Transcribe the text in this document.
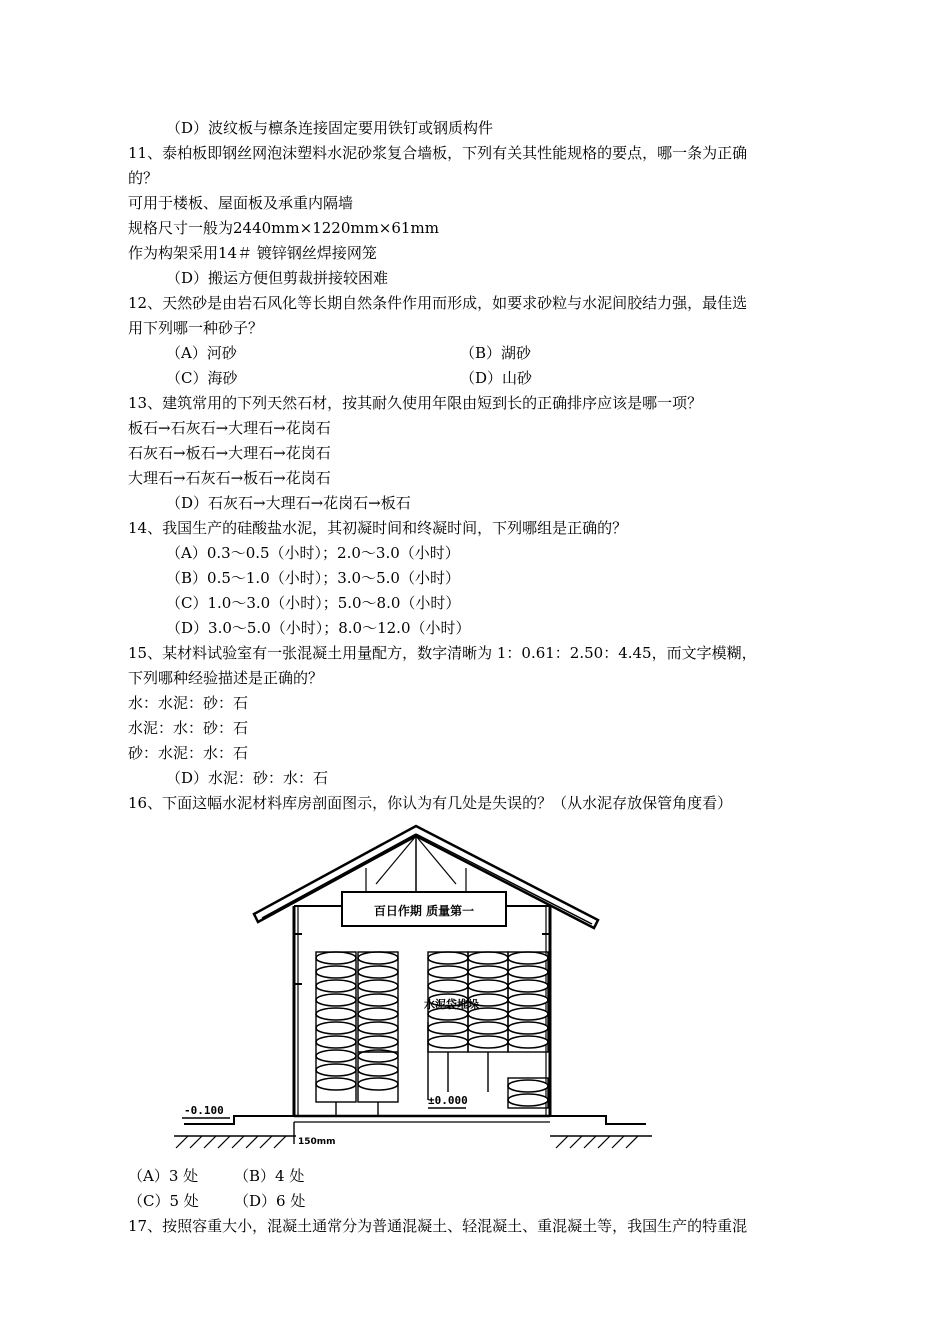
（D）波纹板与檩条连接固定要用铁钉或钢质构件
11、泰柏板即钢丝网泡沫塑料水泥砂浆复合墙板，下列有关其性能规格的要点，哪一条为正确
的？
可用于楼板、屋面板及承重内隔墙
规格尺寸一般为2440mm×1220mm×61mm
作为构架采用14＃ 镀锌钢丝焊接网笼
（D）搬运方便但剪裁拼接较困难
12、天然砂是由岩石风化等长期自然条件作用而形成，如要求砂粒与水泥间胶结力强，最佳选
用下列哪一种砂子？
（A）河砂	（B）湖砂
（C）海砂	（D）山砂
13、建筑常用的下列天然石材，按其耐久使用年限由短到长的正确排序应该是哪一项？
板石→石灰石→大理石→花岗石
石灰石→板石→大理石→花岗石
大理石→石灰石→板石→花岗石
（D）石灰石→大理石→花岗石→板石
14、我国生产的硅酸盐水泥，其初凝时间和终凝时间，下列哪组是正确的？
（A）0.3～0.5（小时）；2.0～3.0（小时）
（B）0.5～1.0（小时）；3.0～5.0（小时）
（C）1.0～3.0（小时）；5.0～8.0（小时）
（D）3.0～5.0（小时）；8.0～12.0（小时）
15、某材料试验室有一张混凝土用量配方，数字清晰为 1：0.61：2.50：4.45，而文字模糊，
下列哪种经验描述是正确的？
水：水泥：砂：石
水泥：水：砂：石
砂：水泥：水：石
（D）水泥：砂：水：石
16、下面这幅水泥材料库房剖面图示，你认为有几处是失误的？（从水泥存放保管角度看）
百日作期 质量第一
水泥袋堆垛
±0.000
-0.100
150mm
（A）3 处 （B）4 处
（C）5 处 （D）6 处
17、按照容重大小，混凝土通常分为普通混凝土、轻混凝土、重混凝土等，我国生产的特重混
